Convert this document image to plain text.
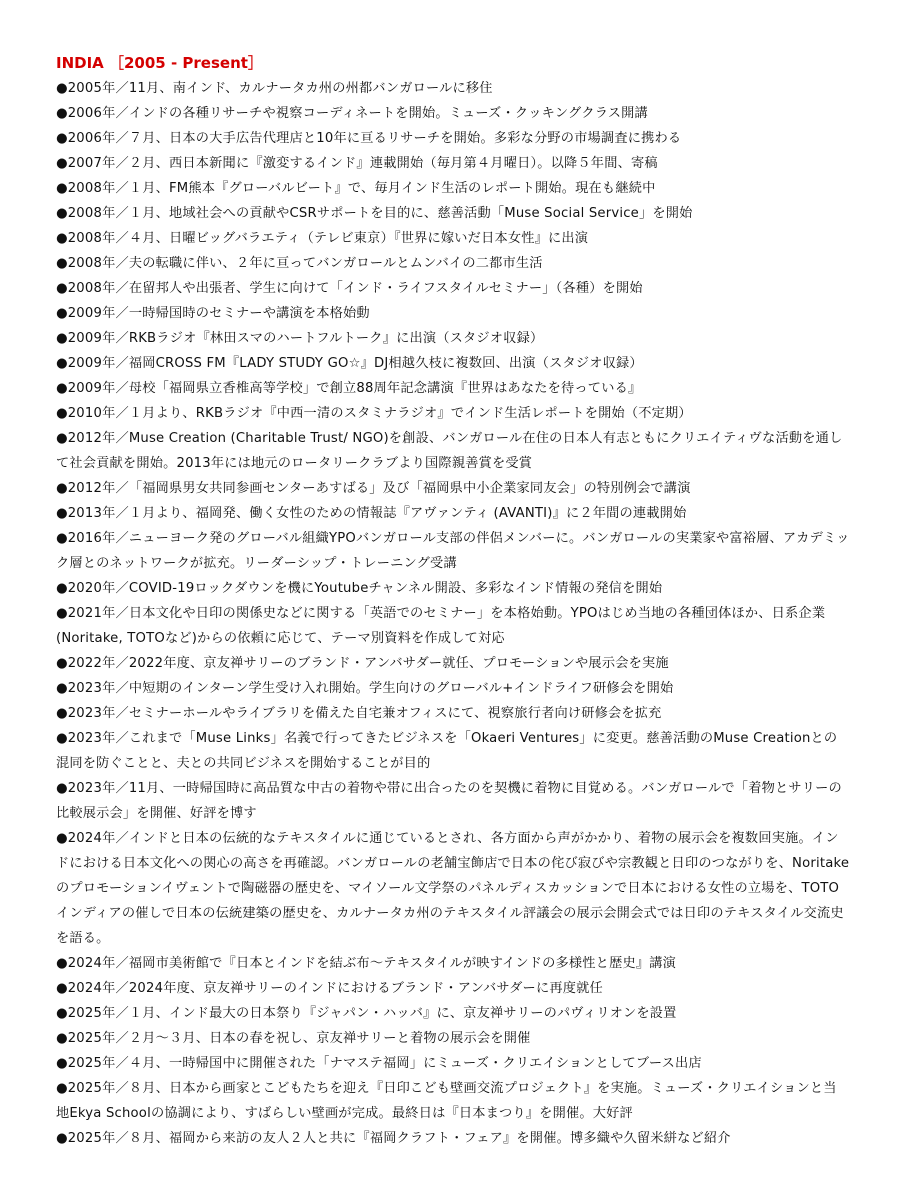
INDIA ［2005 - Present］
●2005年／11月、南インド、カルナータカ州の州都バンガロールに移住
●2006年／インドの各種リサーチや視察コーディネートを開始。ミューズ・クッキングクラス開講
●2006年／７月、日本の大手広告代理店と10年に亘るリサーチを開始。多彩な分野の市場調査に携わる
●2007年／２月、西日本新聞に『激変するインド』連載開始（毎月第４月曜日）。以降５年間、寄稿
●2008年／１月、FM熊本『グローバルビート』で、毎月インド生活のレポート開始。現在も継続中
●2008年／１月、地域社会への貢献やCSRサポートを目的に、慈善活動「Muse Social Service」を開始
●2008年／４月、日曜ビッグバラエティ（テレビ東京）『世界に嫁いだ日本女性』に出演
●2008年／夫の転職に伴い、２年に亘ってバンガロールとムンバイの二都市生活
●2008年／在留邦人や出張者、学生に向けて「インド・ライフスタイルセミナー」（各種）を開始
●2009年／一時帰国時のセミナーや講演を本格始動
●2009年／RKBラジオ『林田スマのハートフルトーク』に出演（スタジオ収録）
●2009年／福岡CROSS FM『LADY STUDY GO☆』DJ相越久枝に複数回、出演（スタジオ収録）
●2009年／母校「福岡県立香椎高等学校」で創立88周年記念講演『世界はあなたを待っている』
●2010年／１月より、RKBラジオ『中西一清のスタミナラジオ』でインド生活レポートを開始（不定期）
●2012年／Muse Creation (Charitable Trust/ NGO)を創設、バンガロール在住の日本人有志ともにクリエイティヴな活動を通して社会貢献を開始。2013年には地元のロータリークラブより国際親善賞を受賞
●2012年／「福岡県男女共同参画センターあすばる」及び「福岡県中小企業家同友会」の特別例会で講演
●2013年／１月より、福岡発、働く女性のための情報誌『アヴァンティ (AVANTI)』に２年間の連載開始
●2016年／ニューヨーク発のグローバル組織YPOバンガロール支部の伴侶メンバーに。バンガロールの実業家や富裕層、アカデミック層とのネットワークが拡充。リーダーシップ・トレーニング受講
●2020年／COVID-19ロックダウンを機にYoutubeチャンネル開設、多彩なインド情報の発信を開始
●2021年／日本文化や日印の関係史などに関する「英語でのセミナー」を本格始動。YPOはじめ当地の各種団体ほか、日系企業 (Noritake, TOTOなど)からの依頼に応じて、テーマ別資料を作成して対応
●2022年／2022年度、京友禅サリーのブランド・アンバサダー就任、プロモーションや展示会を実施
●2023年／中短期のインターン学生受け入れ開始。学生向けのグローバル+インドライフ研修会を開始
●2023年／セミナーホールやライブラリを備えた自宅兼オフィスにて、視察旅行者向け研修会を拡充
●2023年／これまで「Muse Links」名義で行ってきたビジネスを「Okaeri Ventures」に変更。慈善活動のMuse Creationとの混同を防ぐことと、夫との共同ビジネスを開始することが目的
●2023年／11月、一時帰国時に高品質な中古の着物や帯に出合ったのを契機に着物に目覚める。バンガロールで「着物とサリーの比較展示会」を開催、好評を博す
●2024年／インドと日本の伝統的なテキスタイルに通じているとされ、各方面から声がかかり、着物の展示会を複数回実施。インドにおける日本文化への関心の高さを再確認。バンガロールの老舗宝飾店で日本の侘び寂びや宗教観と日印のつながりを、Noritakeのプロモーションイヴェントで陶磁器の歴史を、マイソール文学祭のパネルディスカッションで日本における女性の立場を、TOTOインディアの催しで日本の伝統建築の歴史を、カルナータカ州のテキスタイル評議会の展示会開会式では日印のテキスタイル交流史を語る。
●2024年／福岡市美術館で『日本とインドを結ぶ布〜テキスタイルが映すインドの多様性と歴史』講演
●2024年／2024年度、京友禅サリーのインドにおけるブランド・アンバサダーに再度就任
●2025年／１月、インド最大の日本祭り『ジャパン・ハッバ』に、京友禅サリーのパヴィリオンを設置
●2025年／２月〜３月、日本の春を祝し、京友禅サリーと着物の展示会を開催
●2025年／４月、一時帰国中に開催された「ナマステ福岡」にミューズ・クリエイションとしてブース出店
●2025年／８月、日本から画家とこどもたちを迎え『日印こども壁画交流プロジェクト』を実施。ミューズ・クリエイションと当地Ekya Schoolの協調により、すばらしい壁画が完成。最終日は『日本まつり』を開催。大好評
●2025年／８月、福岡から来訪の友人２人と共に『福岡クラフト・フェア』を開催。博多織や久留米絣など紹介
